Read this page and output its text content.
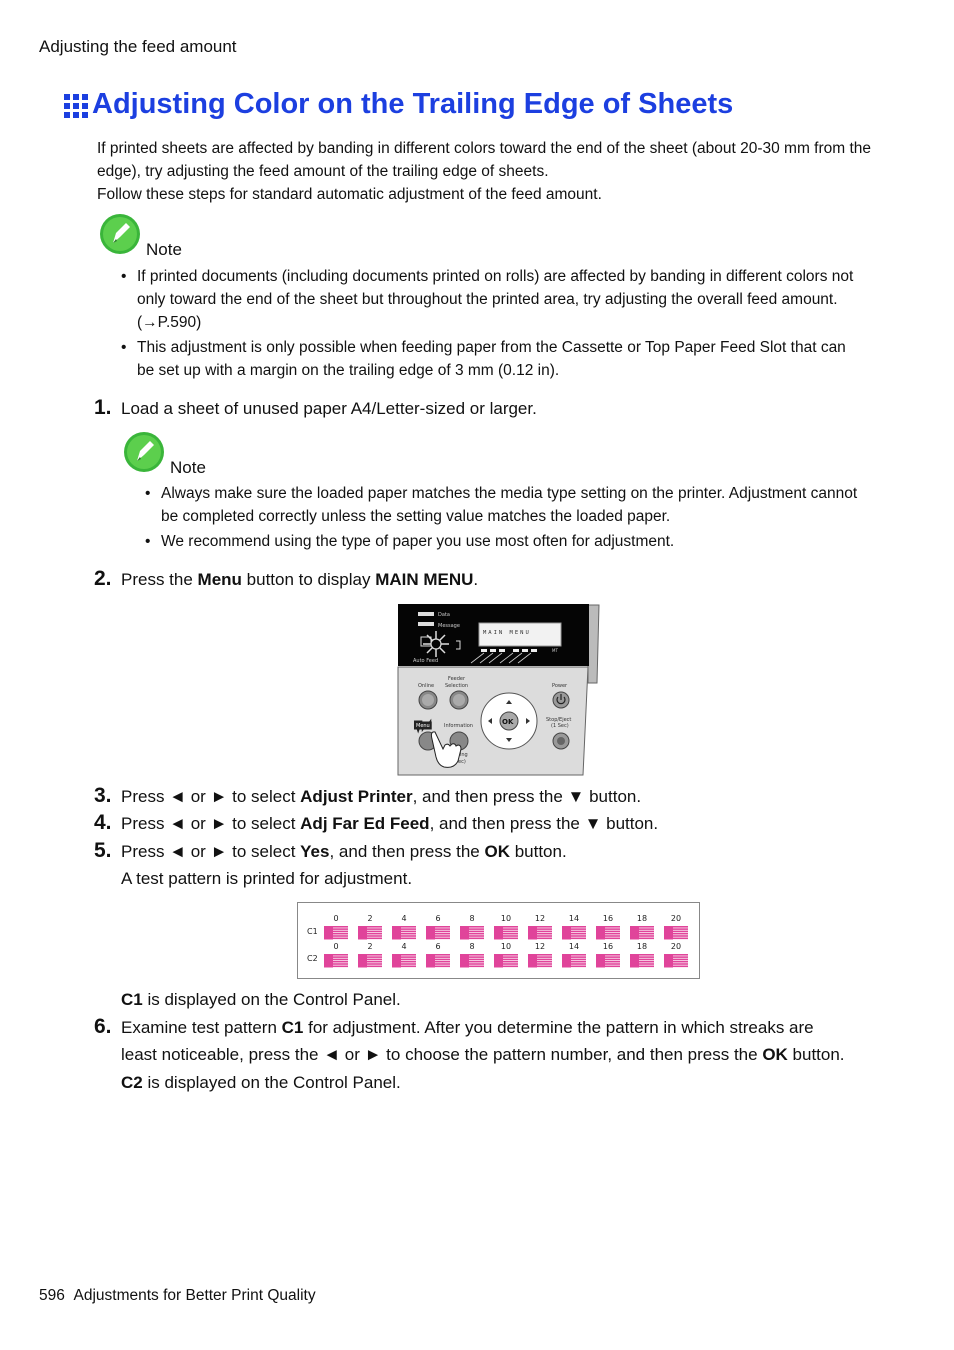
Adjusting the feed amount
Adjusting Color on the Trailing Edge of Sheets
If printed sheets are affected by banding in different colors toward the end of the sheet (about 20-30 mm from the edge), try adjusting the feed amount of the trailing edge of sheets.
Follow these steps for standard automatic adjustment of the feed amount.
Note
• If printed documents (including documents printed on rolls) are affected by banding in different colors not only toward the end of the sheet but throughout the printed area, try adjusting the overall feed amount. (→P.590)
• This adjustment is only possible when feeding paper from the Cassette or Top Paper Feed Slot that can be set up with a margin on the trailing edge of 3 mm (0.12 in).
1. Load a sheet of unused paper A4/Letter-sized or larger.
Note
• Always make sure the loaded paper matches the media type setting on the printer. Adjustment cannot be completed correctly unless the setting value matches the loaded paper.
• We recommend using the type of paper you use most often for adjustment.
2. Press the Menu button to display MAIN MENU.
Data
Message
MAIN MENU
MT
Auto Feed
Online
Feeder
Selection	Power
OK
Menu	Information
Stop/Eject
(1 Sec)
ing
ec)
3. Press ◄ or ► to select Adjust Printer, and then press the ▼ button.
4. Press ◄ or ► to select Adj Far Ed Feed, and then press the ▼ button.
5. Press ◄ or ► to select Yes, and then press the OK button.
A test pattern is printed for adjustment.
C1
C2
0
0
2
2
4
4
6
6
8
8
10
10
12
12
14
14
16
16
18
18
20
20
C1 is displayed on the Control Panel.
6. Examine test pattern C1 for adjustment. After you determine the pattern in which streaks are
least noticeable, press the ◄ or ► to choose the pattern number, and then press the OK button.
C2 is displayed on the Control Panel.
596 Adjustments for Better Print Quality
